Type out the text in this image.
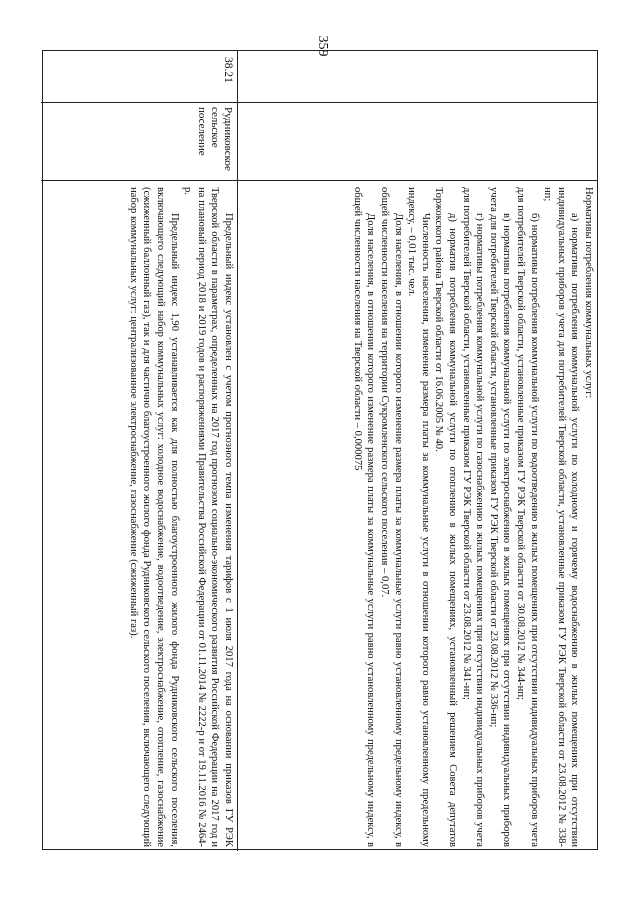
359

Нормативы потребления коммунальных услуг:

а) нормативы потребления коммунальной услуги по холодному и горячему водоснабжению в жилых помещениях при отсутствии индивидуальных приборов учета для потребителей Тверской области, установленные приказом ГУ РЭК Тверской области от 23.08.2012 № 338-нп;

б) нормативы потребления коммунальной услуги по водоотведению в жилых помещениях при отсутствии индивидуальных приборов учета для потребителей Тверской области, установленные приказом ГУ РЭК Тверской области от 30.08.2012 № 344-нп;

в) нормативы потребления коммунальной услуги по электроснабжению в жилых помещениях при отсутствии индивидуальных приборов учета для потребителей Тверской области, установленные приказом ГУ РЭК Тверской области от 23.08.2012 № 336-нп;

г) нормативы потребления коммунальной услуги по газоснабжению в жилых помещениях при отсутствии индивидуальных приборов учета для потребителей Тверской области, установленные приказом ГУ РЭК Тверской области от 23.08.2012 № 341-нп;

д) норматив потребления коммунальной услуги по отоплению в жилых помещениях, установленный решением Совета депутатов Торжокского района Тверской области от 16.06.2005 № 40.

Численность населения, изменение размера платы за коммунальные услуги в отношении которого равно установленному предельному индексу, – 0,01 тыс. чел.

Доля населения, в отношении которого изменение размера платы за коммунальные услуги равно установленному предельному индексу, в общей численности населения на территории Сукромленского сельского поселения – 0,07.

Доля населения, в отношении которого изменение размера платы за коммунальные услуги равно установленному предельному индексу, в общей численности населения на Тверской области – 0,000075

38.21
Рудниковское сельское поселение

Предельный индекс установлен с учетом прогнозного темпа изменения тарифов с 1 июля 2017 года на основании приказов ГУ РЭК Тверской области в параметрах, определенных на 2017 год прогнозом социально-экономического развития Российской Федерации на 2017 год и на плановый период 2018 и 2019 годов и распоряжениями Правительства Российской Федерации от 01.11.2014 № 2222-р и от 19.11.2016 № 2464-р.

Предельный индекс 1,90 устанавливается как для полностью благоустроенного жилого фонда Рудниковского сельского поселения, включающего следующий набор коммунальных услуг: холодное водоснабжение, водоотведение, электроснабжение, отопление, газоснабжение (сжиженный баллонный газ), так и для частично благоустроенного жилого фонда Рудниковского сельского поселения, включающего следующий набор коммунальных услуг: централизованное электроснабжение, газоснабжение (сжиженный газ).
